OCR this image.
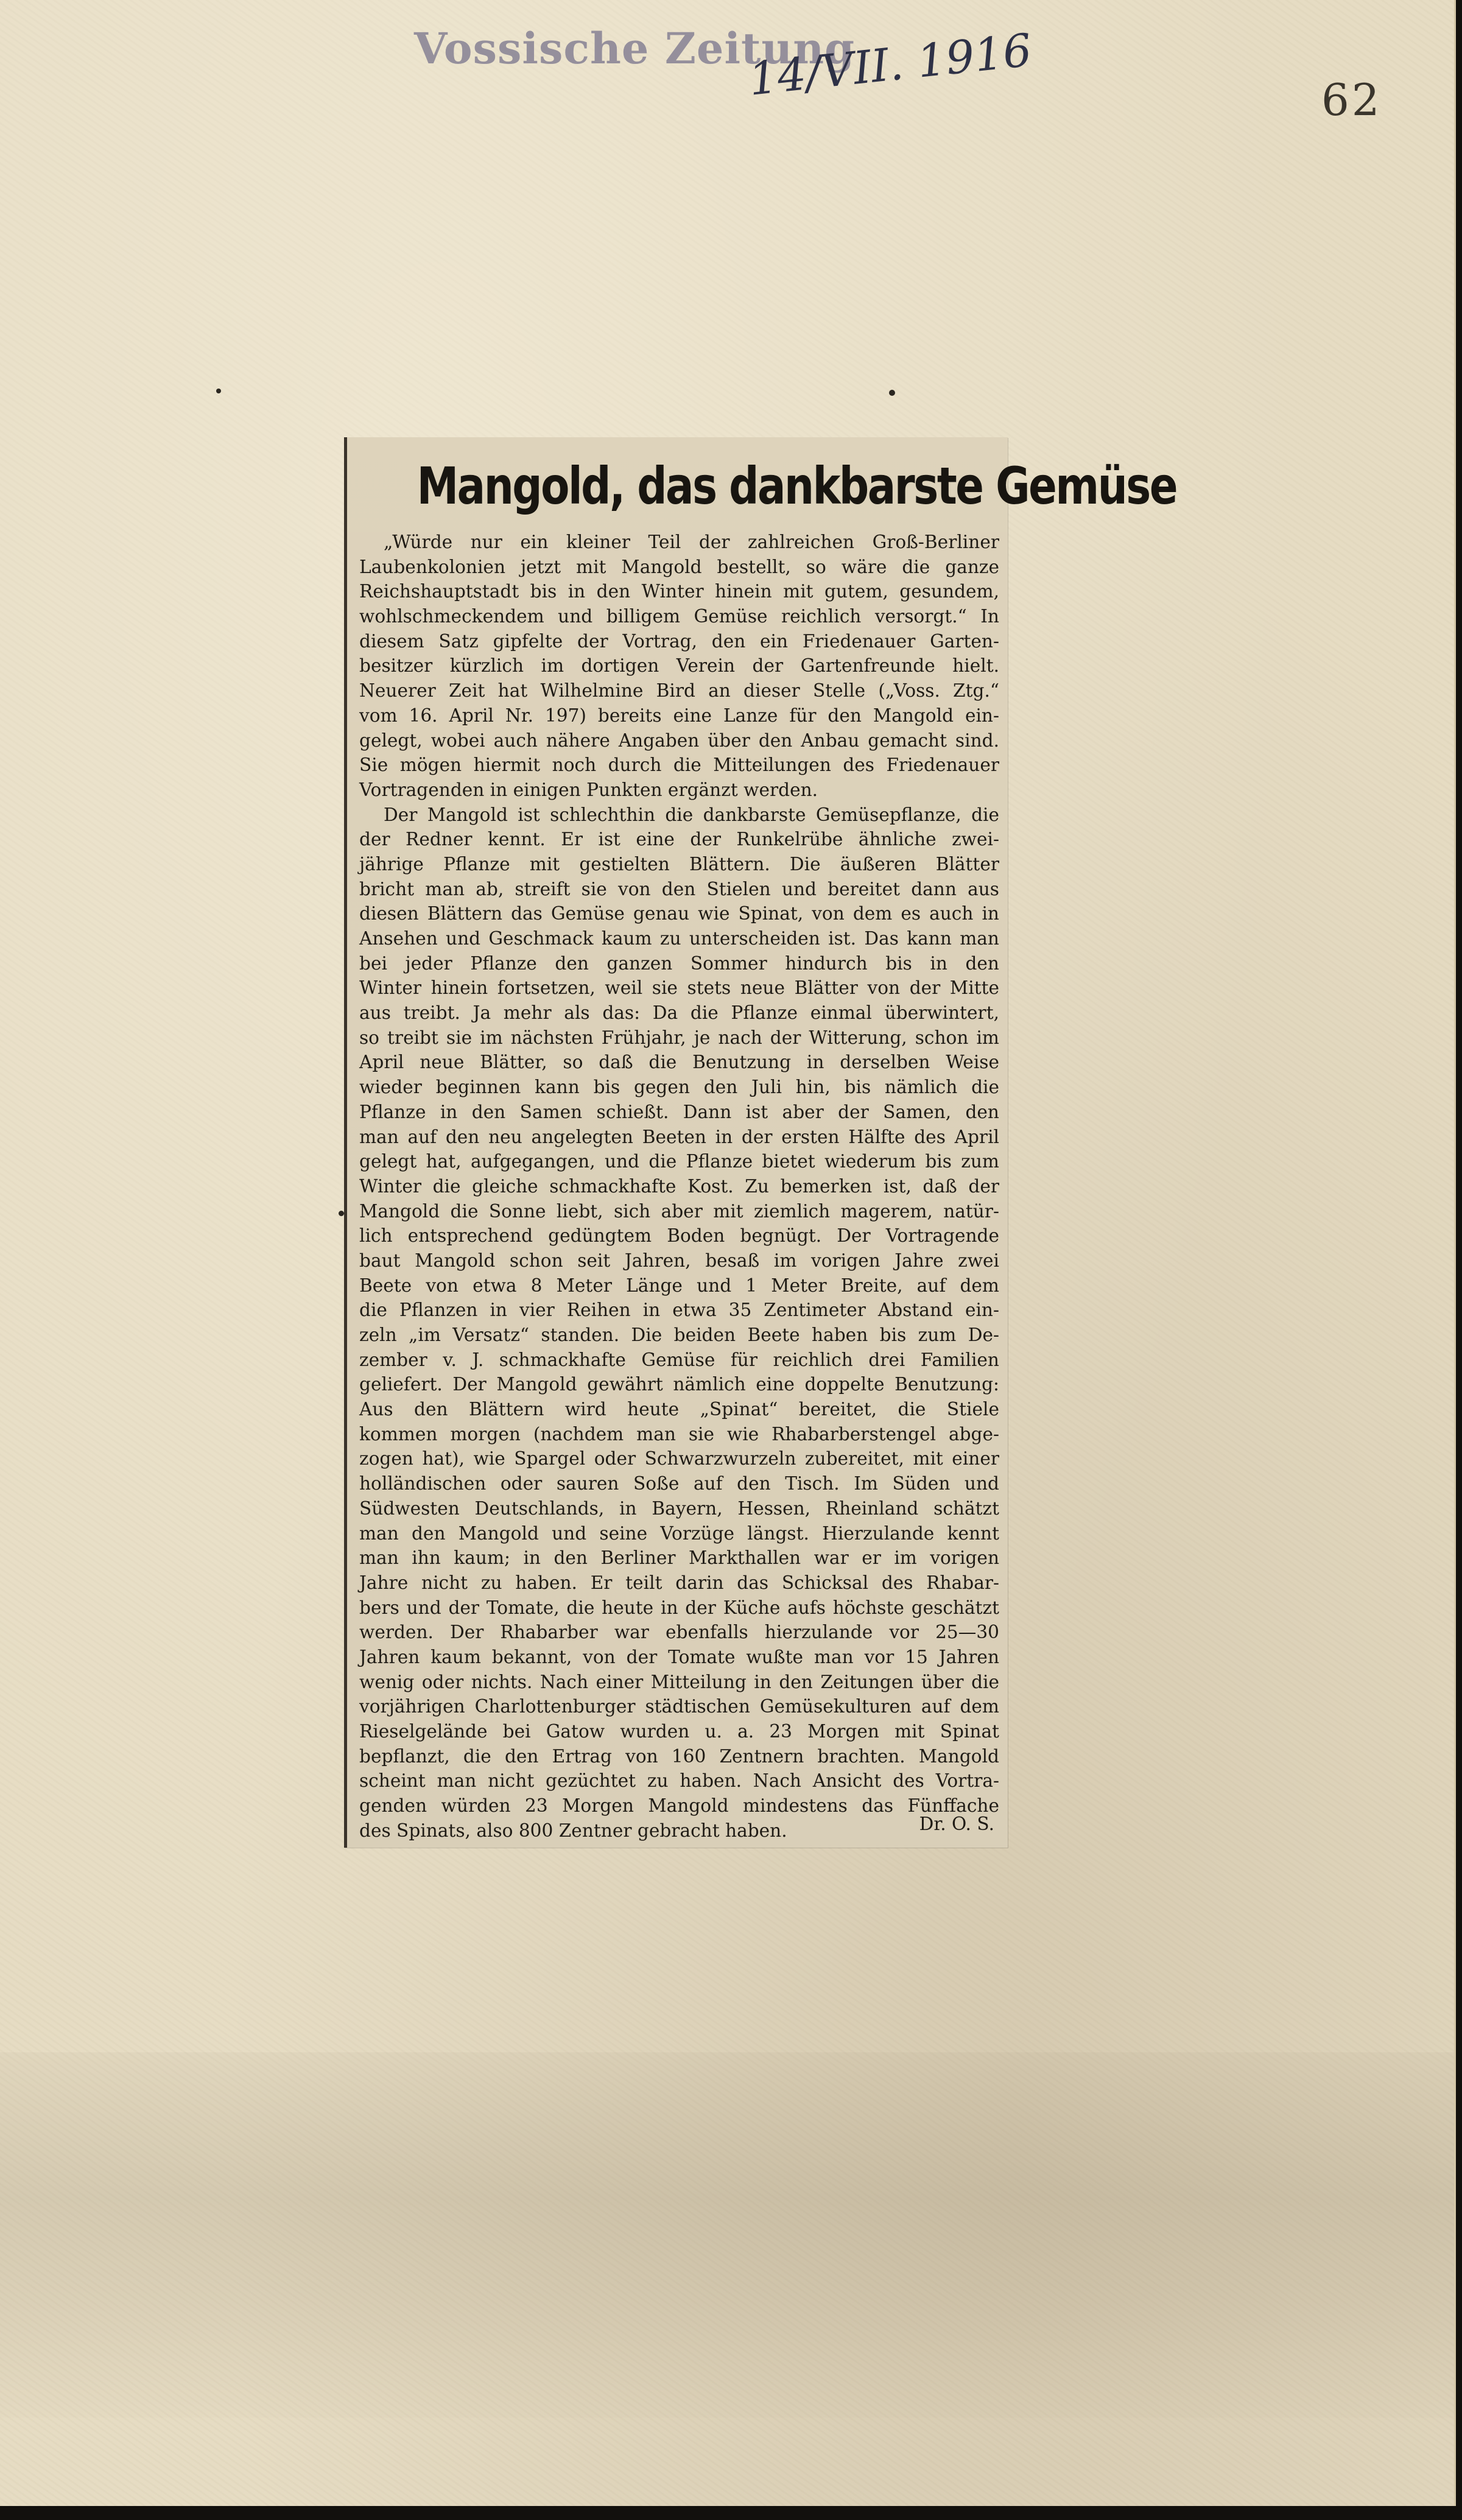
Vossische Zeitung
14/VII. 1916	62
Mangold, das dankbarste Gemüse
„Würde nur ein kleiner Teil der zahlreichen Groß-Berliner
Laubenkolonien jetzt mit Mangold bestellt, so wäre die ganze
Reichshauptstadt bis in den Winter hinein mit gutem, gesundem,
wohlschmeckendem und billigem Gemüse reichlich versorgt.“ In
diesem Satz gipfelte der Vortrag, den ein Friedenauer Garten-
besitzer kürzlich im dortigen Verein der Gartenfreunde hielt.
Neuerer Zeit hat Wilhelmine Bird an dieser Stelle („Voss. Ztg.“
vom 16. April Nr. 197) bereits eine Lanze für den Mangold ein-
gelegt, wobei auch nähere Angaben über den Anbau gemacht sind.
Sie mögen hiermit noch durch die Mitteilungen des Friedenauer
Vortragenden in einigen Punkten ergänzt werden.
Der Mangold ist schlechthin die dankbarste Gemüsepflanze, die
der Redner kennt. Er ist eine der Runkelrübe ähnliche zwei-
jährige Pflanze mit gestielten Blättern. Die äußeren Blätter
bricht man ab, streift sie von den Stielen und bereitet dann aus
diesen Blättern das Gemüse genau wie Spinat, von dem es auch in
Ansehen und Geschmack kaum zu unterscheiden ist. Das kann man
bei jeder Pflanze den ganzen Sommer hindurch bis in den
Winter hinein fortsetzen, weil sie stets neue Blätter von der Mitte
aus treibt. Ja mehr als das: Da die Pflanze einmal überwintert,
so treibt sie im nächsten Frühjahr, je nach der Witterung, schon im
April neue Blätter, so daß die Benutzung in derselben Weise
wieder beginnen kann bis gegen den Juli hin, bis nämlich die
Pflanze in den Samen schießt. Dann ist aber der Samen, den
man auf den neu angelegten Beeten in der ersten Hälfte des April
gelegt hat, aufgegangen, und die Pflanze bietet wiederum bis zum
Winter die gleiche schmackhafte Kost. Zu bemerken ist, daß der
Mangold die Sonne liebt, sich aber mit ziemlich magerem, natür-
lich entsprechend gedüngtem Boden begnügt. Der Vortragende
baut Mangold schon seit Jahren, besaß im vorigen Jahre zwei
Beete von etwa 8 Meter Länge und 1 Meter Breite, auf dem
die Pflanzen in vier Reihen in etwa 35 Zentimeter Abstand ein-
zeln „im Versatz“ standen. Die beiden Beete haben bis zum De-
zember v. J. schmackhafte Gemüse für reichlich drei Familien
geliefert. Der Mangold gewährt nämlich eine doppelte Benutzung:
Aus den Blättern wird heute „Spinat“ bereitet, die Stiele
kommen morgen (nachdem man sie wie Rhabarberstengel abge-
zogen hat), wie Spargel oder Schwarzwurzeln zubereitet, mit einer
holländischen oder sauren Soße auf den Tisch. Im Süden und
Südwesten Deutschlands, in Bayern, Hessen, Rheinland schätzt
man den Mangold und seine Vorzüge längst. Hierzulande kennt
man ihn kaum; in den Berliner Markthallen war er im vorigen
Jahre nicht zu haben. Er teilt darin das Schicksal des Rhabar-
bers und der Tomate, die heute in der Küche aufs höchste geschätzt
werden. Der Rhabarber war ebenfalls hierzulande vor 25—30
Jahren kaum bekannt, von der Tomate wußte man vor 15 Jahren
wenig oder nichts. Nach einer Mitteilung in den Zeitungen über die
vorjährigen Charlottenburger städtischen Gemüsekulturen auf dem
Rieselgelände bei Gatow wurden u. a. 23 Morgen mit Spinat
bepflanzt, die den Ertrag von 160 Zentnern brachten. Mangold
scheint man nicht gezüchtet zu haben. Nach Ansicht des Vortra-
genden würden 23 Morgen Mangold mindestens das Fünffache
des Spinats, also 800 Zentner gebracht haben.	Dr. O. S.
